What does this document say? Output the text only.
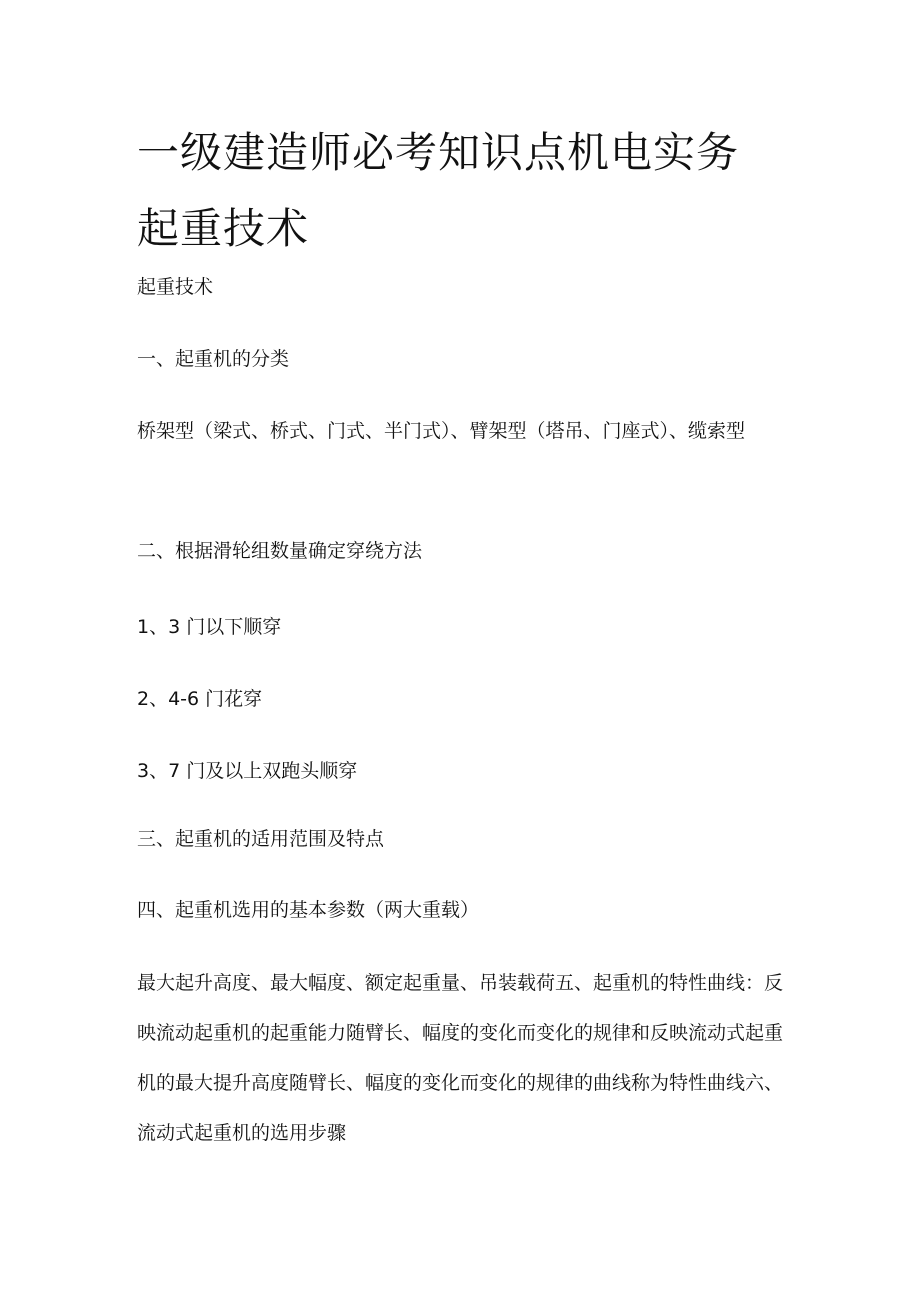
一级建造师必考知识点机电实务
起重技术

起重技术

一、起重机的分类

桥架型（梁式、桥式、门式、半门式）、臂架型（塔吊、门座式）、缆索型

二、根据滑轮组数量确定穿绕方法

1、3 门以下顺穿

2、4-6 门花穿

3、7 门及以上双跑头顺穿

三、起重机的适用范围及特点

四、起重机选用的基本参数（两大重载）

最大起升高度、最大幅度、额定起重量、吊装载荷五、起重机的特性曲线：反映流动起重机的起重能力随臂长、幅度的变化而变化的规律和反映流动式起重机的最大提升高度随臂长、幅度的变化而变化的规律的曲线称为特性曲线六、流动式起重机的选用步骤
